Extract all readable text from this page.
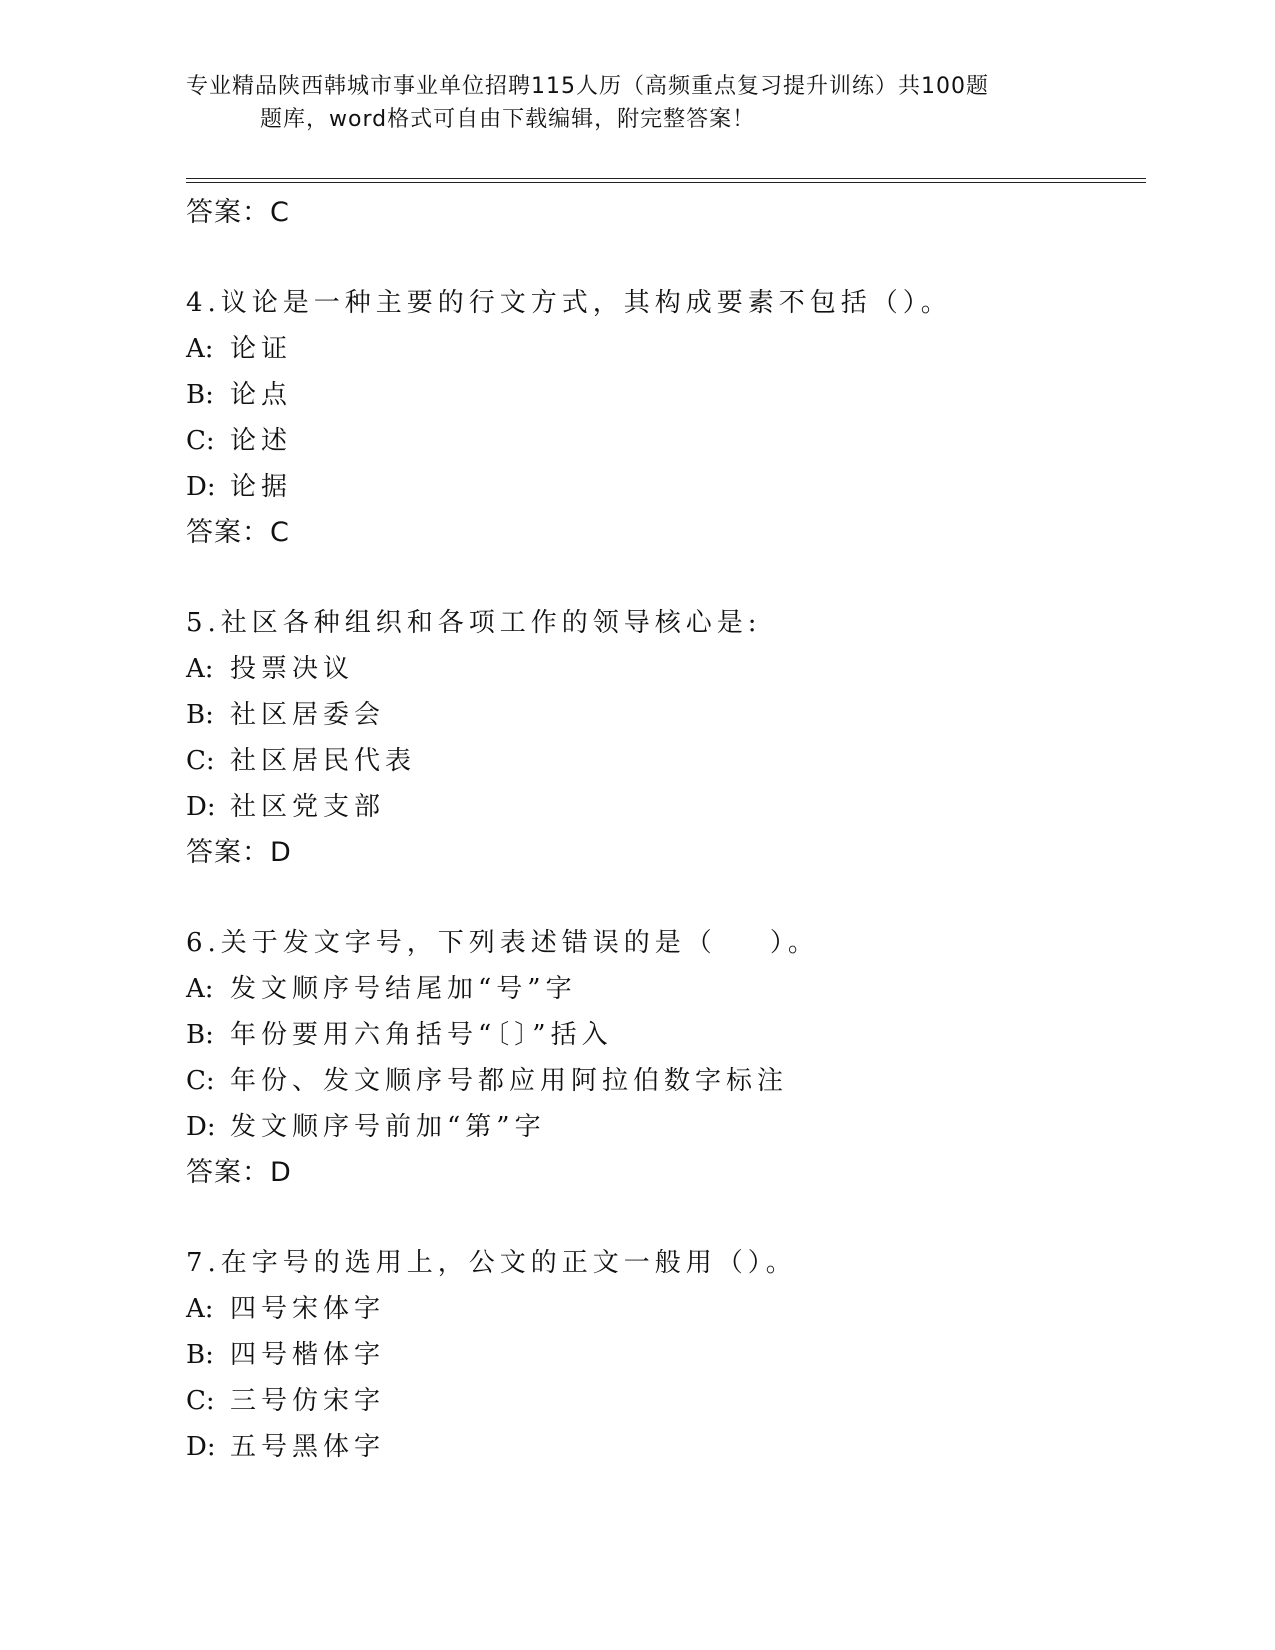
专业精品陕西韩城市事业单位招聘115人历（高频重点复习提升训练）共100题
题库，word格式可自由下载编辑，附完整答案！
答案：C
4.议论是一种主要的行文方式，其构成要素不包括（）。
A: 论证
B: 论点
C: 论述
D: 论据
答案：C
5.社区各种组织和各项工作的领导核心是:
A: 投票决议
B: 社区居委会
C: 社区居民代表
D: 社区党支部
答案：D
6.关于发文字号，下列表述错误的是（    ）。
A: 发文顺序号结尾加“号”字
B: 年份要用六角括号“〔〕”括入
C: 年份、发文顺序号都应用阿拉伯数字标注
D: 发文顺序号前加“第”字
答案：D
7.在字号的选用上，公文的正文一般用（）。
A: 四号宋体字
B: 四号楷体字
C: 三号仿宋字
D: 五号黑体字
